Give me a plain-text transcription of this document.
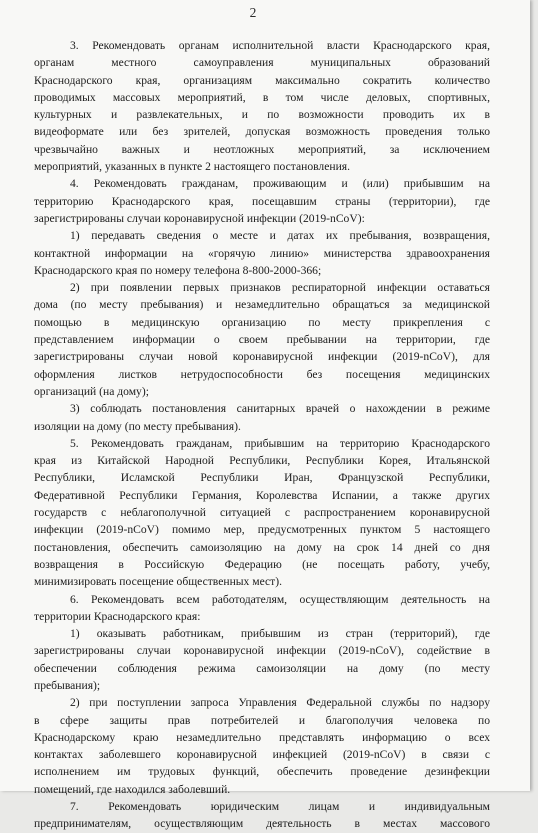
2
3. Рекомендовать органам исполнительной власти Краснодарского края,
органам местного самоуправления муниципальных образований
Краснодарского края, организациям максимально сократить количество
проводимых массовых мероприятий, в том числе деловых, спортивных,
культурных и развлекательных, и по возможности проводить их в
видеоформате или без зрителей, допуская возможность проведения только
чрезвычайно важных и неотложных мероприятий, за исключением
мероприятий, указанных в пункте 2 настоящего постановления.
4. Рекомендовать гражданам, проживающим и (или) прибывшим на
территорию Краснодарского края, посещавшим страны (территории), где
зарегистрированы случаи коронавирусной инфекции (2019-nCoV):
1) передавать сведения о месте и датах их пребывания, возвращения,
контактной информации на «горячую линию» министерства здравоохранения
Краснодарского края по номеру телефона 8-800-2000-366;
2) при появлении первых признаков респираторной инфекции оставаться
дома (по месту пребывания) и незамедлительно обращаться за медицинской
помощью в медицинскую организацию по месту прикрепления с
представлением информации о своем пребывании на территории, где
зарегистрированы случаи новой коронавирусной инфекции (2019-nCoV), для
оформления листков нетрудоспособности без посещения медицинских
организаций (на дому);
3) соблюдать постановления санитарных врачей о нахождении в режиме
изоляции на дому (по месту пребывания).
5. Рекомендовать гражданам, прибывшим на территорию Краснодарского
края из Китайской Народной Республики, Республики Корея, Итальянской
Республики, Исламской Республики Иран, Французской Республики,
Федеративной Республики Германия, Королевства Испании, а также других
государств с неблагополучной ситуацией с распространением коронавирусной
инфекции (2019-nCoV) помимо мер, предусмотренных пунктом 5 настоящего
постановления, обеспечить самоизоляцию на дому на срок 14 дней со дня
возвращения в Российскую Федерацию (не посещать работу, учебу,
минимизировать посещение общественных мест).
6. Рекомендовать всем работодателям, осуществляющим деятельность на
территории Краснодарского края:
1) оказывать работникам, прибывшим из стран (территорий), где
зарегистрированы случаи коронавирусной инфекции (2019-nCoV), содействие в
обеспечении соблюдения режима самоизоляции на дому (по месту
пребывания);
2) при поступлении запроса Управления Федеральной службы по надзору
в сфере защиты прав потребителей и благополучия человека по
Краснодарскому краю незамедлительно представлять информацию о всех
контактах заболевшего коронавирусной инфекцией (2019-nCoV) в связи с
исполнением им трудовых функций, обеспечить проведение дезинфекции
помещений, где находился заболевший.
7. Рекомендовать юридическим лицам и индивидуальным
предпринимателям, осуществляющим деятельность в местах массового
